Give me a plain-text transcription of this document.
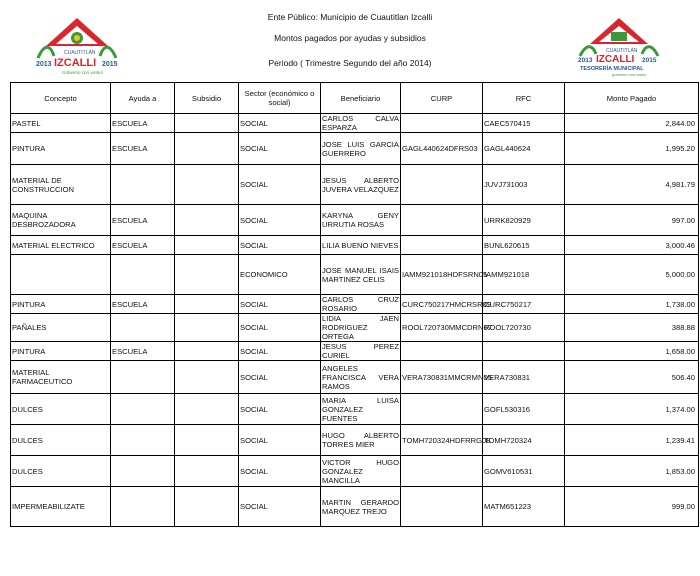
2013
CUAUTITLÁN
IZCALLI 2015
Gobierno con visión!
Ente Público: Municipio de Cuautitlan Izcalli
Montos pagados por ayudas y subsidios
Periodo ( Trimestre Segundo del año 2014)	2013
CUAUTITLÁN
IZCALLI 2015
TESORERÍA MUNICIPAL
gobierno con visión
Concepto	Ayuda a	Subsidio	Sector (económico o social)	Beneficiario	CURP	RFC	Monto Pagado
PASTEL	ESCUELA		SOCIAL	CARLOS CALVA ESPARZA		CAEC570415	2,844.00
PINTURA	ESCUELA		SOCIAL	JOSE LUIS GARCIA GUERRERO	GAGL440624DFRS03	GAGL440624	1,995.20
MATERIAL DE CONSTRUCCION			SOCIAL	JESUS ALBERTO JUVERA VELAZQUEZ		JUVJ731003	4,981.79
MAQUINA DESBROZADORA	ESCUELA		SOCIAL	KARYNA GENY URRUTIA ROSAS		URRK820929	997.00
MATERIAL ELECTRICO	ESCUELA		SOCIAL	LILIA BUENO NIEVES		BUNL620615	3,000.46
			ECONOMICO	JOSE MANUEL ISAIS MARTINEZ CELIS	IAMM921018HDFSRN05	IAMM921018	5,000.00
PINTURA	ESCUELA		SOCIAL	CARLOS CRUZ ROSARIO	CURC750217HMCRSR09	CURC750217	1,738.00
PAÑALES			SOCIAL	LIDIA JAEN RODRIGUEZ ORTEGA	ROOL720730MMCDRN07	ROOL720730	388.88
PINTURA	ESCUELA		SOCIAL	JESUS PEREZ CURIEL			1,658.00
MATERIAL FARMACEUTICO			SOCIAL	ANGELES FRANCISCA VERA RAMOS	VERA730831MMCRMN05	VERA730831	506.40
DULCES			SOCIAL	MARIA LUISA GONZALEZ FUENTES		GOFL530316	1,374.00
DULCES			SOCIAL	HUGO ALBERTO TORRES MIER	TOMH720324HDFRRG08	TOMH720324	1,239.41
DULCES			SOCIAL	VICTOR HUGO GONZALEZ MANCILLA		GOMV610531	1,853.00
IMPERMEABILIZATE			SOCIAL	MARTIN GERARDO MARQUEZ TREJO		MATM651223	999.00
